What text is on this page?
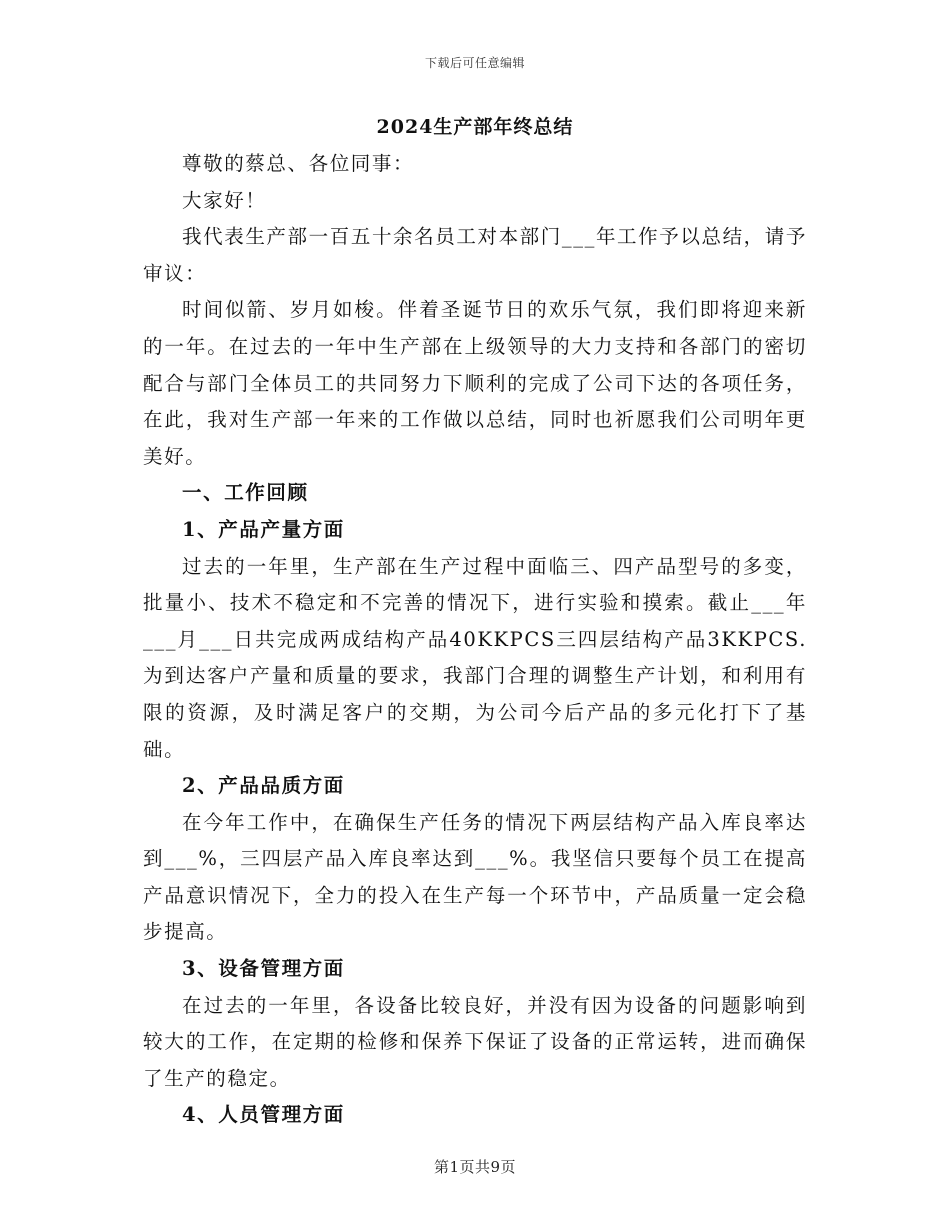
下载后可任意编辑
2024生产部年终总结

尊敬的蔡总、各位同事：

大家好！

我代表生产部一百五十余名员工对本部门___年工作予以总结，请予审议：

时间似箭、岁月如梭。伴着圣诞节日的欢乐气氛，我们即将迎来新的一年。在过去的一年中生产部在上级领导的大力支持和各部门的密切配合与部门全体员工的共同努力下顺利的完成了公司下达的各项任务，在此，我对生产部一年来的工作做以总结，同时也祈愿我们公司明年更美好。

一、工作回顾

1、产品产量方面

过去的一年里，生产部在生产过程中面临三、四产品型号的多变，批量小、技术不稳定和不完善的情况下，进行实验和摸索。截止___年___月___日共完成两成结构产品40KKPCS三四层结构产品3KKPCS.为到达客户产量和质量的要求，我部门合理的调整生产计划，和利用有限的资源，及时满足客户的交期，为公司今后产品的多元化打下了基础。

2、产品品质方面

在今年工作中，在确保生产任务的情况下两层结构产品入库良率达到___%，三四层产品入库良率达到___%。我坚信只要每个员工在提高产品意识情况下，全力的投入在生产每一个环节中，产品质量一定会稳步提高。

3、设备管理方面

在过去的一年里，各设备比较良好，并没有因为设备的问题影响到较大的工作，在定期的检修和保养下保证了设备的正常运转，进而确保了生产的稳定。

4、人员管理方面

第1页共9页
